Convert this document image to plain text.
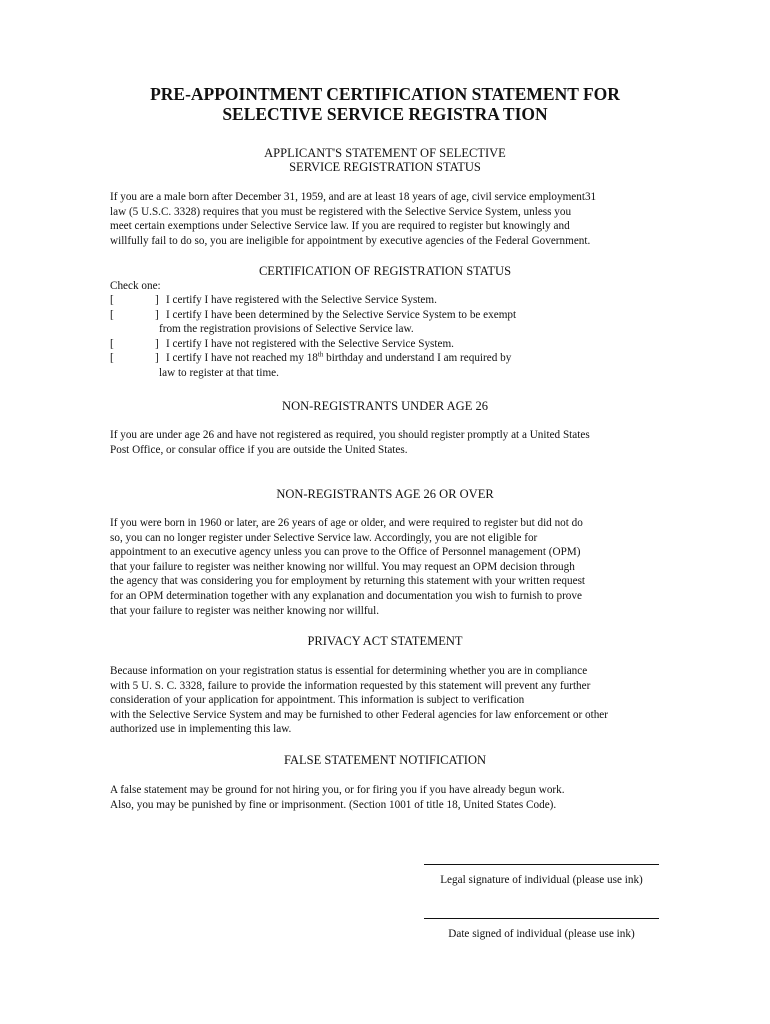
PRE-APPOINTMENT CERTIFICATION STATEMENT FOR
SELECTIVE SERVICE REGISTRA TION
APPLICANT'S STATEMENT OF SELECTIVE
SERVICE REGISTRATION STATUS
If you are a male born after December 31, 1959, and are at least 18 years of age, civil service employment31
law (5 U.S.C. 3328) requires that you must be registered with the Selective Service System, unless you
meet certain exemptions under Selective Service law. If you are required to register but knowingly and
willfully fail to do so, you are ineligible for appointment by executive agencies of the Federal Government.
CERTIFICATION OF REGISTRATION STATUS
Check one:
[	] I certify I have registered with the Selective Service System.
[	] I certify I have been determined by the Selective Service System to be exempt
from the registration provisions of Selective Service law.
[	] I certify I have not registered with the Selective Service System.
[	] I certify I have not reached my 18th birthday and understand I am required by
law to register at that time.
NON-REGISTRANTS UNDER AGE 26
If you are under age 26 and have not registered as required, you should register promptly at a United States
Post Office, or consular office if you are outside the United States.
NON-REGISTRANTS AGE 26 OR OVER
If you were born in 1960 or later, are 26 years of age or older, and were required to register but did not do
so, you can no longer register under Selective Service law. Accordingly, you are not eligible for
appointment to an executive agency unless you can prove to the Office of Personnel management (OPM)
that your failure to register was neither knowing nor willful. You may request an OPM decision through
the agency that was considering you for employment by returning this statement with your written request
for an OPM determination together with any explanation and documentation you wish to furnish to prove
that your failure to register was neither knowing nor willful.
PRIVACY ACT STATEMENT
Because information on your registration status is essential for determining whether you are in compliance
with 5 U. S. C. 3328, failure to provide the information requested by this statement will prevent any further
consideration of your application for appointment. This information is subject to verification
with the Selective Service System and may be furnished to other Federal agencies for law enforcement or other
authorized use in implementing this law.
FALSE STATEMENT NOTIFICATION
A false statement may be ground for not hiring you, or for firing you if you have already begun work.
Also, you may be punished by fine or imprisonment. (Section 1001 of title 18, United States Code).
Legal signature of individual (please use ink)
Date signed of individual (please use ink)
